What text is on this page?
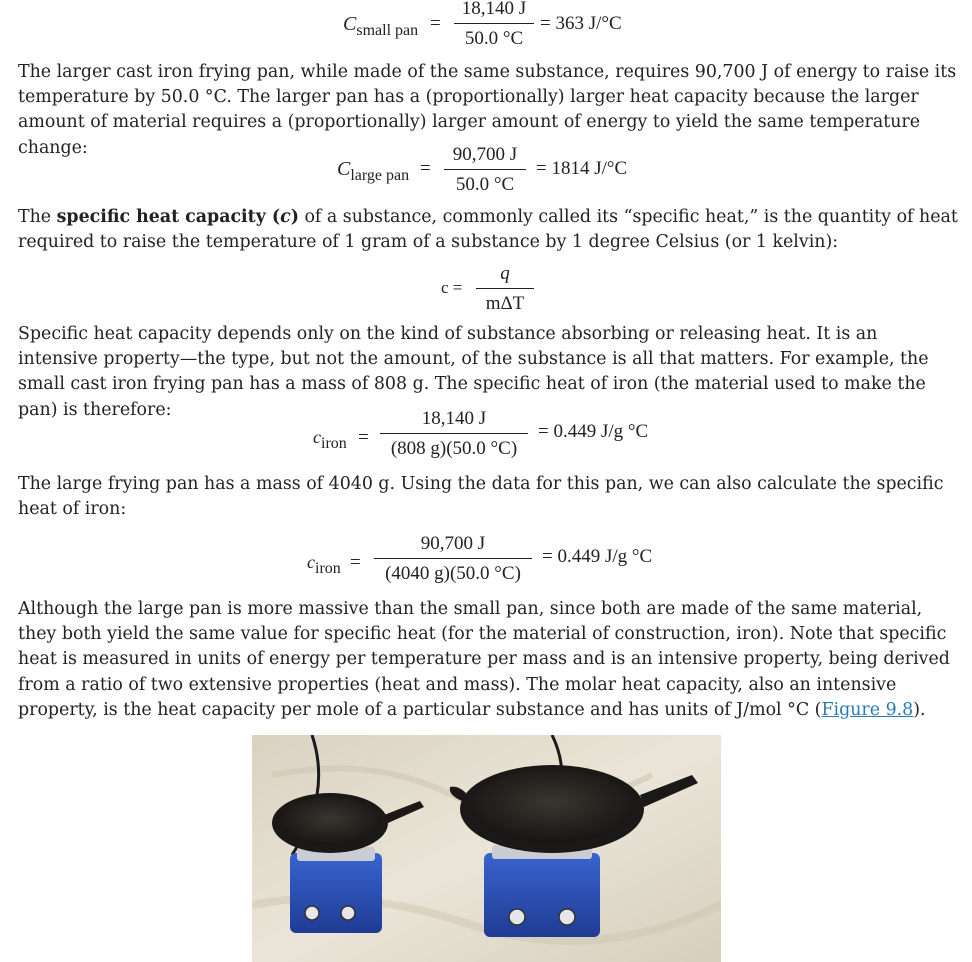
$C_{small pan}$ =
18,140 J
50.0 °C
= 363 J/°C

The larger cast iron frying pan, while made of the same substance, requires 90,700 J of energy to raise its temperature by 50.0 °C. The larger pan has a (proportionally) larger heat capacity because the larger amount of material requires a (proportionally) larger amount of energy to yield the same temperature change:

$C_{large pan}$ =
90,700 J
50.0 °C
= 1814 J/°C

The specific heat capacity (c) of a substance, commonly called its “specific heat,” is the quantity of heat required to raise the temperature of 1 gram of a substance by 1 degree Celsius (or 1 kelvin):

c =
q
mΔT

Specific heat capacity depends only on the kind of substance absorbing or releasing heat. It is an intensive property—the type, but not the amount, of the substance is all that matters. For example, the small cast iron frying pan has a mass of 808 g. The specific heat of iron (the material used to make the pan) is therefore:

$c_{iron}$ =
18,140 J
(808 g)(50.0 °C)
= 0.449 J/g °C

The large frying pan has a mass of 4040 g. Using the data for this pan, we can also calculate the specific heat of iron:

$c_{iron}$ =
90,700 J
(4040 g)(50.0 °C)
= 0.449 J/g °C

Although the large pan is more massive than the small pan, since both are made of the same material, they both yield the same value for specific heat (for the material of construction, iron). Note that specific heat is measured in units of energy per temperature per mass and is an intensive property, being derived from a ratio of two extensive properties (heat and mass). The molar heat capacity, also an intensive property, is the heat capacity per mole of a particular substance and has units of J/mol °C (Figure 9.8).
